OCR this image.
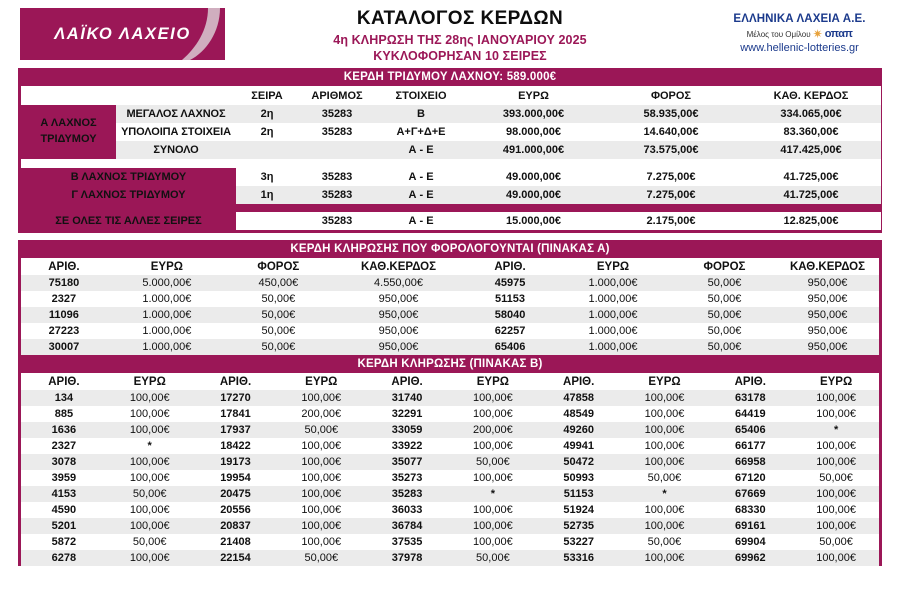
ΛΑΪΚΟ ΛΑΧΕΙΟ
ΚΑΤΑΛΟΓΟΣ ΚΕΡΔΩΝ
4η ΚΛΗΡΩΣΗ ΤΗΣ 28ης ΙΑΝΟΥΑΡΙΟΥ 2025
ΚΥΚΛΟΦΟΡΗΣΑΝ 10 ΣΕΙΡΕΣ
ΕΛΛΗΝΙΚΑ ΛΑΧΕΙΑ Α.Ε.
Μέλος του Ομίλου ✷ οπαπ
www.hellenic-lotteries.gr
ΚΕΡΔΗ ΤΡΙΔΥΜΟΥ ΛΑΧΝΟΥ: 589.000€
		ΣΕΙΡΑ	ΑΡΙΘΜΟΣ	ΣΤΟΙΧΕΙΟ	ΕΥΡΩ	ΦΟΡΟΣ	ΚΑΘ. ΚΕΡΔΟΣ
Α ΛΑΧΝΟΣ ΤΡΙΔΥΜΟΥ	ΜΕΓΑΛΟΣ ΛΑΧΝΟΣ	2η	35283	Β	393.000,00€	58.935,00€	334.065,00€
	ΥΠΟΛΟΙΠΑ ΣΤΟΙΧΕΙΑ	2η	35283	Α+Γ+Δ+Ε	98.000,00€	14.640,00€	83.360,00€
	ΣΥΝΟΛΟ			Α - Ε	491.000,00€	73.575,00€	417.425,00€

Β ΛΑΧΝΟΣ ΤΡΙΔΥΜΟΥ		3η	35283	Α - Ε	49.000,00€	7.275,00€	41.725,00€
Γ ΛΑΧΝΟΣ ΤΡΙΔΥΜΟΥ		1η	35283	Α - Ε	49.000,00€	7.275,00€	41.725,00€

ΣΕ ΟΛΕΣ ΤΙΣ ΑΛΛΕΣ ΣΕΙΡΕΣ			35283	Α - Ε	15.000,00€	2.175,00€	12.825,00€
ΚΕΡΔΗ ΚΛΗΡΩΣΗΣ ΠΟΥ ΦΟΡΟΛΟΓΟΥΝΤΑΙ (ΠΙΝΑΚΑΣ Α)
ΑΡΙΘ.	ΕΥΡΩ	ΦΟΡΟΣ	ΚΑΘ.ΚΕΡΔΟΣ	ΑΡΙΘ.	ΕΥΡΩ	ΦΟΡΟΣ	ΚΑΘ.ΚΕΡΔΟΣ
75180	5.000,00€	450,00€	4.550,00€	45975	1.000,00€	50,00€	950,00€
2327	1.000,00€	50,00€	950,00€	51153	1.000,00€	50,00€	950,00€
11096	1.000,00€	50,00€	950,00€	58040	1.000,00€	50,00€	950,00€
27223	1.000,00€	50,00€	950,00€	62257	1.000,00€	50,00€	950,00€
30007	1.000,00€	50,00€	950,00€	65406	1.000,00€	50,00€	950,00€
ΚΕΡΔΗ ΚΛΗΡΩΣΗΣ (ΠΙΝΑΚΑΣ Β)
ΑΡΙΘ.	ΕΥΡΩ	ΑΡΙΘ.	ΕΥΡΩ	ΑΡΙΘ.	ΕΥΡΩ	ΑΡΙΘ.	ΕΥΡΩ	ΑΡΙΘ.	ΕΥΡΩ
134	100,00€	17270	100,00€	31740	100,00€	47858	100,00€	63178	100,00€
885	100,00€	17841	200,00€	32291	100,00€	48549	100,00€	64419	100,00€
1636	100,00€	17937	50,00€	33059	200,00€	49260	100,00€	65406	*
2327	*	18422	100,00€	33922	100,00€	49941	100,00€	66177	100,00€
3078	100,00€	19173	100,00€	35077	50,00€	50472	100,00€	66958	100,00€
3959	100,00€	19954	100,00€	35273	100,00€	50993	50,00€	67120	50,00€
4153	50,00€	20475	100,00€	35283	*	51153	*	67669	100,00€
4590	100,00€	20556	100,00€	36033	100,00€	51924	100,00€	68330	100,00€
5201	100,00€	20837	100,00€	36784	100,00€	52735	100,00€	69161	100,00€
5872	50,00€	21408	100,00€	37535	100,00€	53227	50,00€	69904	50,00€
6278	100,00€	22154	50,00€	37978	50,00€	53316	100,00€	69962	100,00€
